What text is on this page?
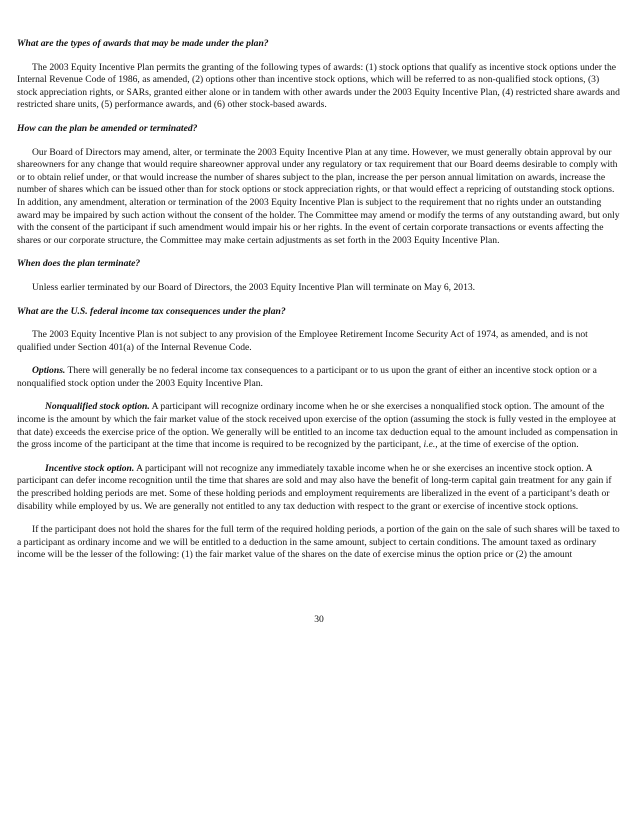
What are the types of awards that may be made under the plan?

The 2003 Equity Incentive Plan permits the granting of the following types of awards: (1) stock options that qualify as incentive stock options under the Internal Revenue Code of 1986, as amended, (2) options other than incentive stock options, which will be referred to as non-qualified stock options, (3) stock appreciation rights, or SARs, granted either alone or in tandem with other awards under the 2003 Equity Incentive Plan, (4) restricted share awards and restricted share units, (5) performance awards, and (6) other stock-based awards.

How can the plan be amended or terminated?

Our Board of Directors may amend, alter, or terminate the 2003 Equity Incentive Plan at any time. However, we must generally obtain approval by our shareowners for any change that would require shareowner approval under any regulatory or tax requirement that our Board deems desirable to comply with or to obtain relief under, or that would increase the number of shares subject to the plan, increase the per person annual limitation on awards, increase the number of shares which can be issued other than for stock options or stock appreciation rights, or that would effect a repricing of outstanding stock options. In addition, any amendment, alteration or termination of the 2003 Equity Incentive Plan is subject to the requirement that no rights under an outstanding award may be impaired by such action without the consent of the holder. The Committee may amend or modify the terms of any outstanding award, but only with the consent of the participant if such amendment would impair his or her rights. In the event of certain corporate transactions or events affecting the shares or our corporate structure, the Committee may make certain adjustments as set forth in the 2003 Equity Incentive Plan.

When does the plan terminate?

Unless earlier terminated by our Board of Directors, the 2003 Equity Incentive Plan will terminate on May 6, 2013.

What are the U.S. federal income tax consequences under the plan?

The 2003 Equity Incentive Plan is not subject to any provision of the Employee Retirement Income Security Act of 1974, as amended, and is not qualified under Section 401(a) of the Internal Revenue Code.

Options. There will generally be no federal income tax consequences to a participant or to us upon the grant of either an incentive stock option or a nonqualified stock option under the 2003 Equity Incentive Plan.

Nonqualified stock option. A participant will recognize ordinary income when he or she exercises a nonqualified stock option. The amount of the income is the amount by which the fair market value of the stock received upon exercise of the option (assuming the stock is fully vested in the employee at that date) exceeds the exercise price of the option. We generally will be entitled to an income tax deduction equal to the amount included as compensation in the gross income of the participant at the time that income is required to be recognized by the participant, i.e., at the time of exercise of the option.

Incentive stock option. A participant will not recognize any immediately taxable income when he or she exercises an incentive stock option. A participant can defer income recognition until the time that shares are sold and may also have the benefit of long-term capital gain treatment for any gain if the prescribed holding periods are met. Some of these holding periods and employment requirements are liberalized in the event of a participant’s death or disability while employed by us. We are generally not entitled to any tax deduction with respect to the grant or exercise of incentive stock options.

If the participant does not hold the shares for the full term of the required holding periods, a portion of the gain on the sale of such shares will be taxed to a participant as ordinary income and we will be entitled to a deduction in the same amount, subject to certain conditions. The amount taxed as ordinary income will be the lesser of the following: (1) the fair market value of the shares on the date of exercise minus the option price or (2) the amount

30
